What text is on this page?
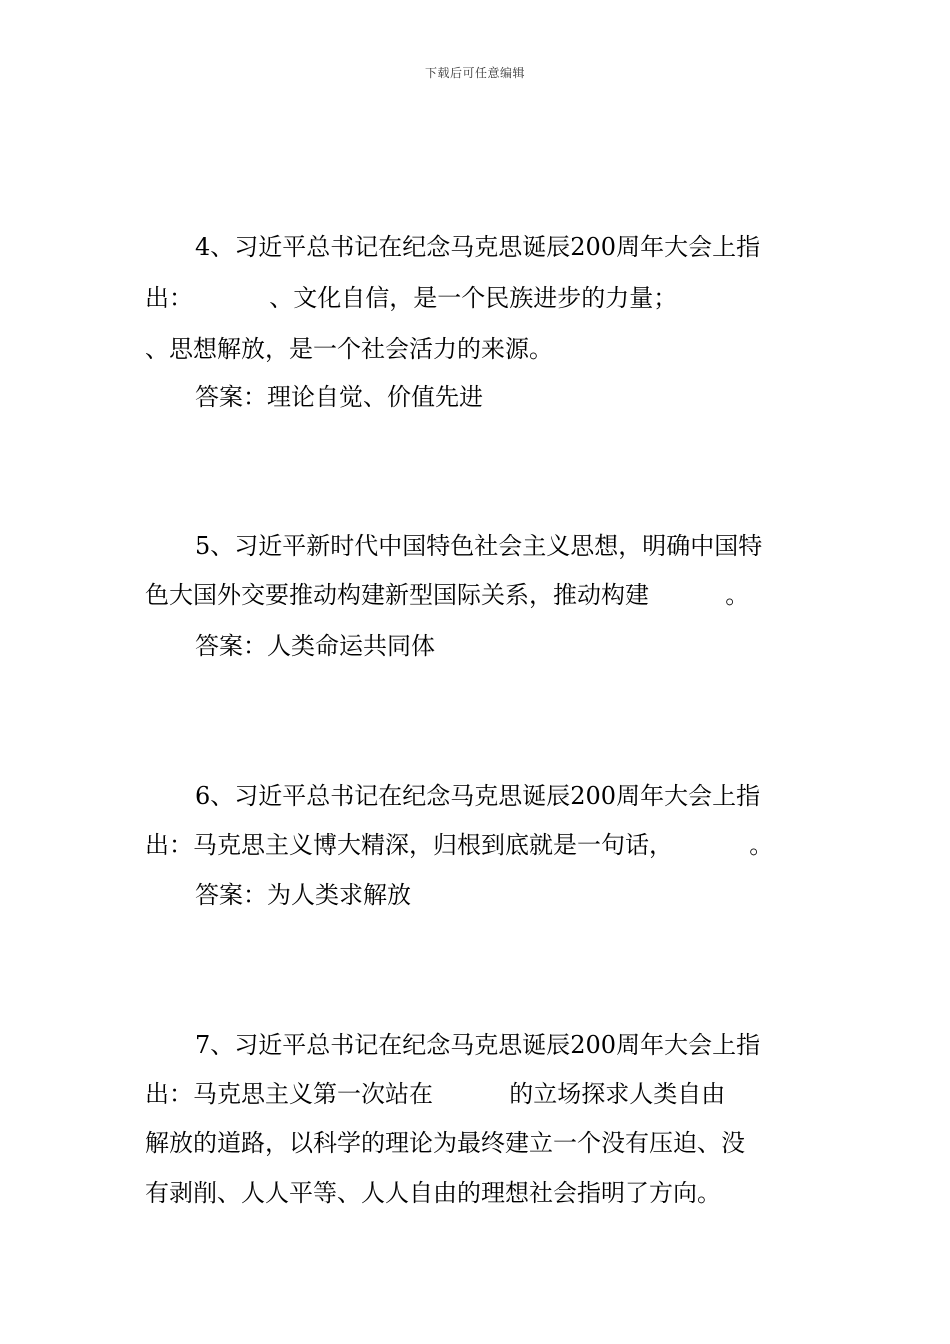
下载后可任意编辑
4、习近平总书记在纪念马克思诞辰200周年大会上指
出：          、文化自信，是一个民族进步的力量；
、思想解放，是一个社会活力的来源。
答案：理论自觉、价值先进
5、习近平新时代中国特色社会主义思想，明确中国特
色大国外交要推动构建新型国际关系，推动构建          。
答案：人类命运共同体
6、习近平总书记在纪念马克思诞辰200周年大会上指
出：马克思主义博大精深，归根到底就是一句话，          。
答案：为人类求解放
7、习近平总书记在纪念马克思诞辰200周年大会上指
出：马克思主义第一次站在          的立场探求人类自由
解放的道路，以科学的理论为最终建立一个没有压迫、没
有剥削、人人平等、人人自由的理想社会指明了方向。
